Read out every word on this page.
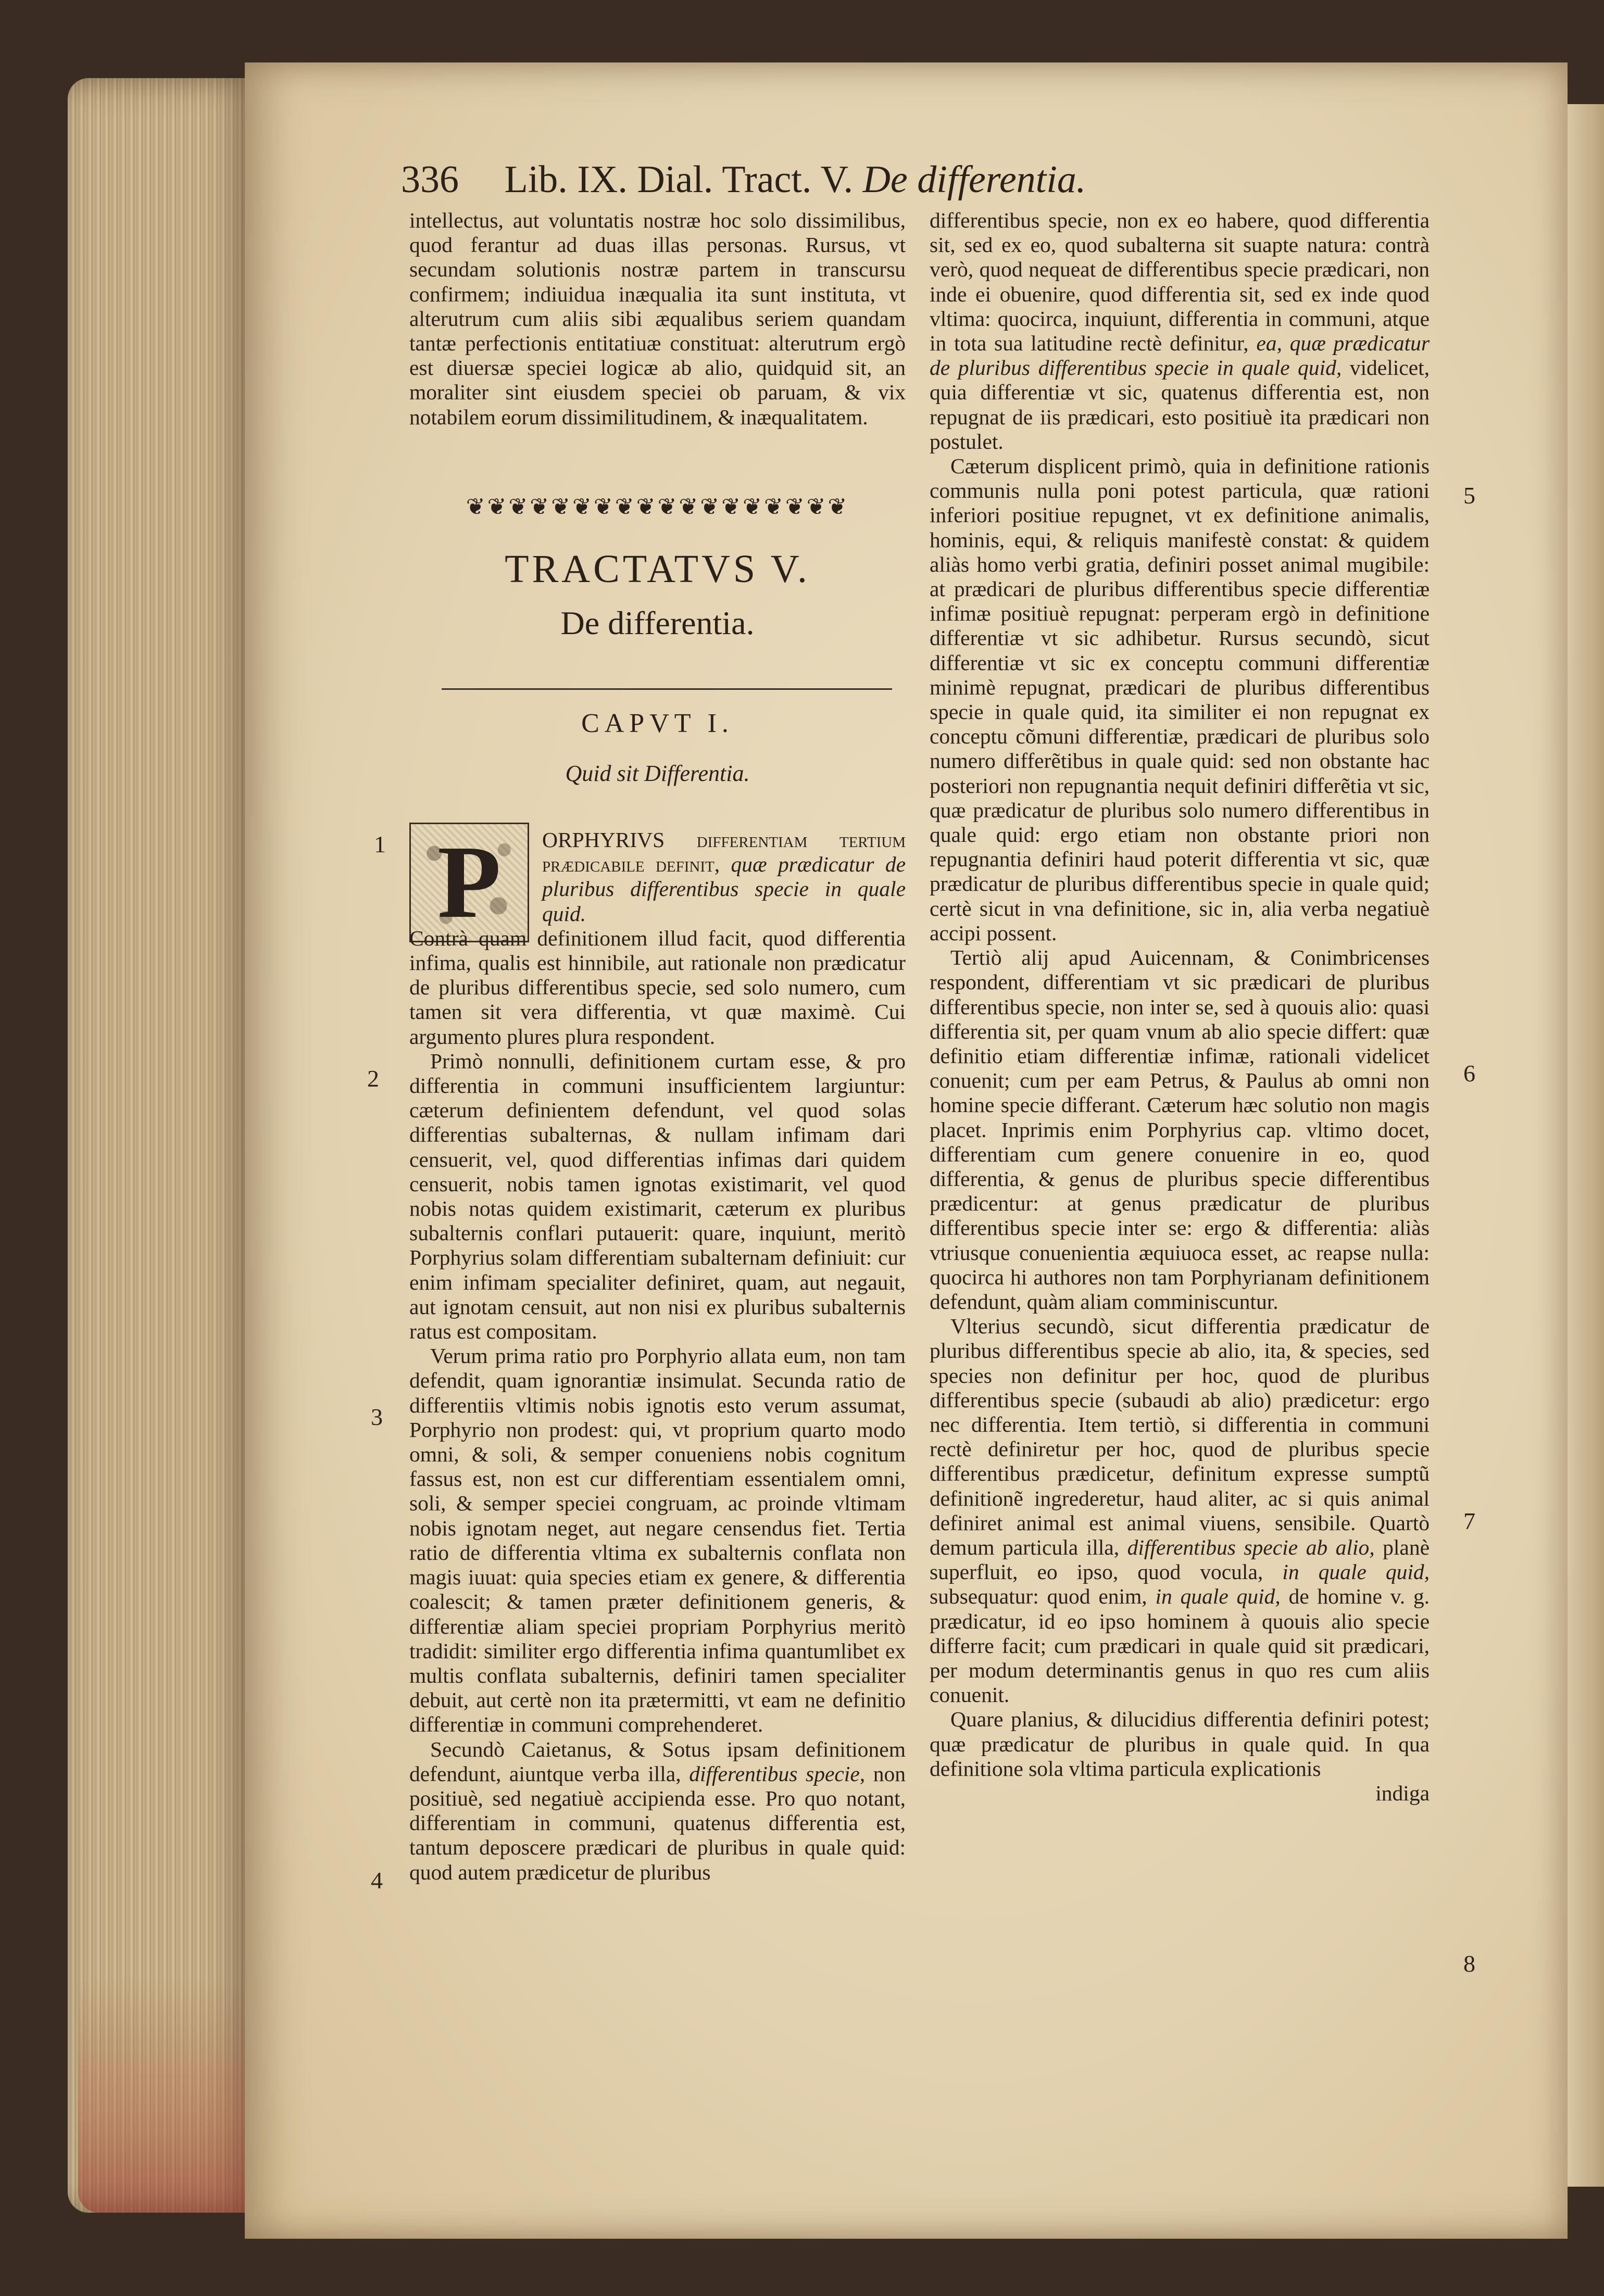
336 Lib. IX. Dial. Tract. V. De differentia.

intellectus, aut voluntatis nostræ hoc solo dissimilibus, quod ferantur ad duas illas personas. Rursus, vt secundam solutionis nostræ partem in transcursu confirmem; indiuidua inæqualia ita sunt instituta, vt alterutrum cum aliis sibi æqualibus seriem quandam tantæ perfectionis entitatiuæ constituat: alterutrum ergò est diuersæ speciei logicæ ab alio, quidquid sit, an moraliter sint eiusdem speciei ob paruam, & vix notabilem eorum dissimilitudinem, & inæqualitatem.

❦❦❦❦❦❦❦❦❦❦❦❦❦❦❦❦❦❦
TRACTATVS V.
De differentia.
CAPVT I.
Quid sit Differentia.
P ORPHYRIVS differentiam tertium prædicabile definit, quæ prædicatur de pluribus differentibus specie in quale quid.
Contrà quam definitionem illud facit, quod differentia infima, qualis est hinnibile, aut rationale non prædicatur de pluribus differentibus specie, sed solo numero, cum tamen sit vera differentia, vt quæ maximè. Cui argumento plures plura respondent.

Primò nonnulli, definitionem curtam esse, & pro differentia in communi insufficientem largiuntur: cæterum definientem defendunt, vel quod solas differentias subalternas, & nullam infimam dari censuerit, vel, quod differentias infimas dari quidem censuerit, nobis tamen ignotas existimarit, vel quod nobis notas quidem existimarit, cæterum ex pluribus subalternis conflari putauerit: quare, inquiunt, meritò Porphyrius solam differentiam subalternam definiuit: cur enim infimam specialiter definiret, quam, aut negauit, aut ignotam censuit, aut non nisi ex pluribus subalternis ratus est compositam.

Verum prima ratio pro Porphyrio allata eum, non tam defendit, quam ignorantiæ insimulat. Secunda ratio de differentiis vltimis nobis ignotis esto verum assumat, Porphyrio non prodest: qui, vt proprium quarto modo omni, & soli, & semper conueniens nobis cognitum fassus est, non est cur differentiam essentialem omni, soli, & semper speciei congruam, ac proinde vltimam nobis ignotam neget, aut negare censendus fiet. Tertia ratio de differentia vltima ex subalternis conflata non magis iuuat: quia species etiam ex genere, & differentia coalescit; & tamen præter definitionem generis, & differentiæ aliam speciei propriam Porphyrius meritò tradidit: similiter ergo differentia infima quantumlibet ex multis conflata subalternis, definiri tamen specialiter debuit, aut certè non ita prætermitti, vt eam ne definitio differentiæ in communi comprehenderet.

Secundò Caietanus, & Sotus ipsam definitionem defendunt, aiuntque verba illa, differentibus specie, non positiuè, sed negatiuè accipienda esse. Pro quo notant, differentiam in communi, quatenus differentia est, tantum deposcere prædicari de pluribus in quale quid: quod autem prædicetur de pluribus

differentibus specie, non ex eo habere, quod differentia sit, sed ex eo, quod subalterna sit suapte natura: contrà verò, quod nequeat de differentibus specie prædicari, non inde ei obuenire, quod differentia sit, sed ex inde quod vltima: quocirca, inquiunt, differentia in communi, atque in tota sua latitudine rectè definitur, ea, quæ prædicatur de pluribus differentibus specie in quale quid, videlicet, quia differentiæ vt sic, quatenus differentia est, non repugnat de iis prædicari, esto positiuè ita prædicari non postulet.

Cæterum displicent primò, quia in definitione rationis communis nulla poni potest particula, quæ rationi inferiori positiue repugnet, vt ex definitione animalis, hominis, equi, & reliquis manifestè constat: & quidem aliàs homo verbi gratia, definiri posset animal mugibile: at prædicari de pluribus differentibus specie differentiæ infimæ positiuè repugnat: perperam ergò in definitione differentiæ vt sic adhibetur. Rursus secundò, sicut differentiæ vt sic ex conceptu communi differentiæ minimè repugnat, prædicari de pluribus differentibus specie in quale quid, ita similiter ei non repugnat ex conceptu cõmuni differentiæ, prædicari de pluribus solo numero differẽtibus in quale quid: sed non obstante hac posteriori non repugnantia nequit definiri differẽtia vt sic, quæ prædicatur de pluribus solo numero differentibus in quale quid: ergo etiam non obstante priori non repugnantia definiri haud poterit differentia vt sic, quæ prædicatur de pluribus differentibus specie in quale quid; certè sicut in vna definitione, sic in, alia verba negatiuè accipi possent.

Tertiò alij apud Auicennam, & Conimbricenses respondent, differentiam vt sic prædicari de pluribus differentibus specie, non inter se, sed à quouis alio: quasi differentia sit, per quam vnum ab alio specie differt: quæ definitio etiam differentiæ infimæ, rationali videlicet conuenit; cum per eam Petrus, & Paulus ab omni non homine specie differant. Cæterum hæc solutio non magis placet. Inprimis enim Porphyrius cap. vltimo docet, differentiam cum genere conuenire in eo, quod differentia, & genus de pluribus specie differentibus prædicentur: at genus prædicatur de pluribus differentibus specie inter se: ergo & differentia: aliàs vtriusque conuenientia æquiuoca esset, ac reapse nulla: quocirca hi authores non tam Porphyrianam definitionem defendunt, quàm aliam comminiscuntur.

Vlterius secundò, sicut differentia prædicatur de pluribus differentibus specie ab alio, ita, & species, sed species non definitur per hoc, quod de pluribus differentibus specie (subaudi ab alio) prædicetur: ergo nec differentia. Item tertiò, si differentia in communi rectè definiretur per hoc, quod de pluribus specie differentibus prædicetur, definitum expresse sumptũ definitionẽ ingrederetur, haud aliter, ac si quis animal definiret animal est animal viuens, sensibile. Quartò demum particula illa, differentibus specie ab alio, planè superfluit, eo ipso, quod vocula, in quale quid, subsequatur: quod enim, in quale quid, de homine v. g. prædicatur, id eo ipso hominem à quouis alio specie differre facit; cum prædicari in quale quid sit prædicari, per modum determinantis genus in quo res cum aliis conuenit.

Quare planius, & dilucidius differentia definiri potest; quæ prædicatur de pluribus in quale quid. In qua definitione sola vltima particula explicationis

indiga

1
2
3
4
5
6
7
8
